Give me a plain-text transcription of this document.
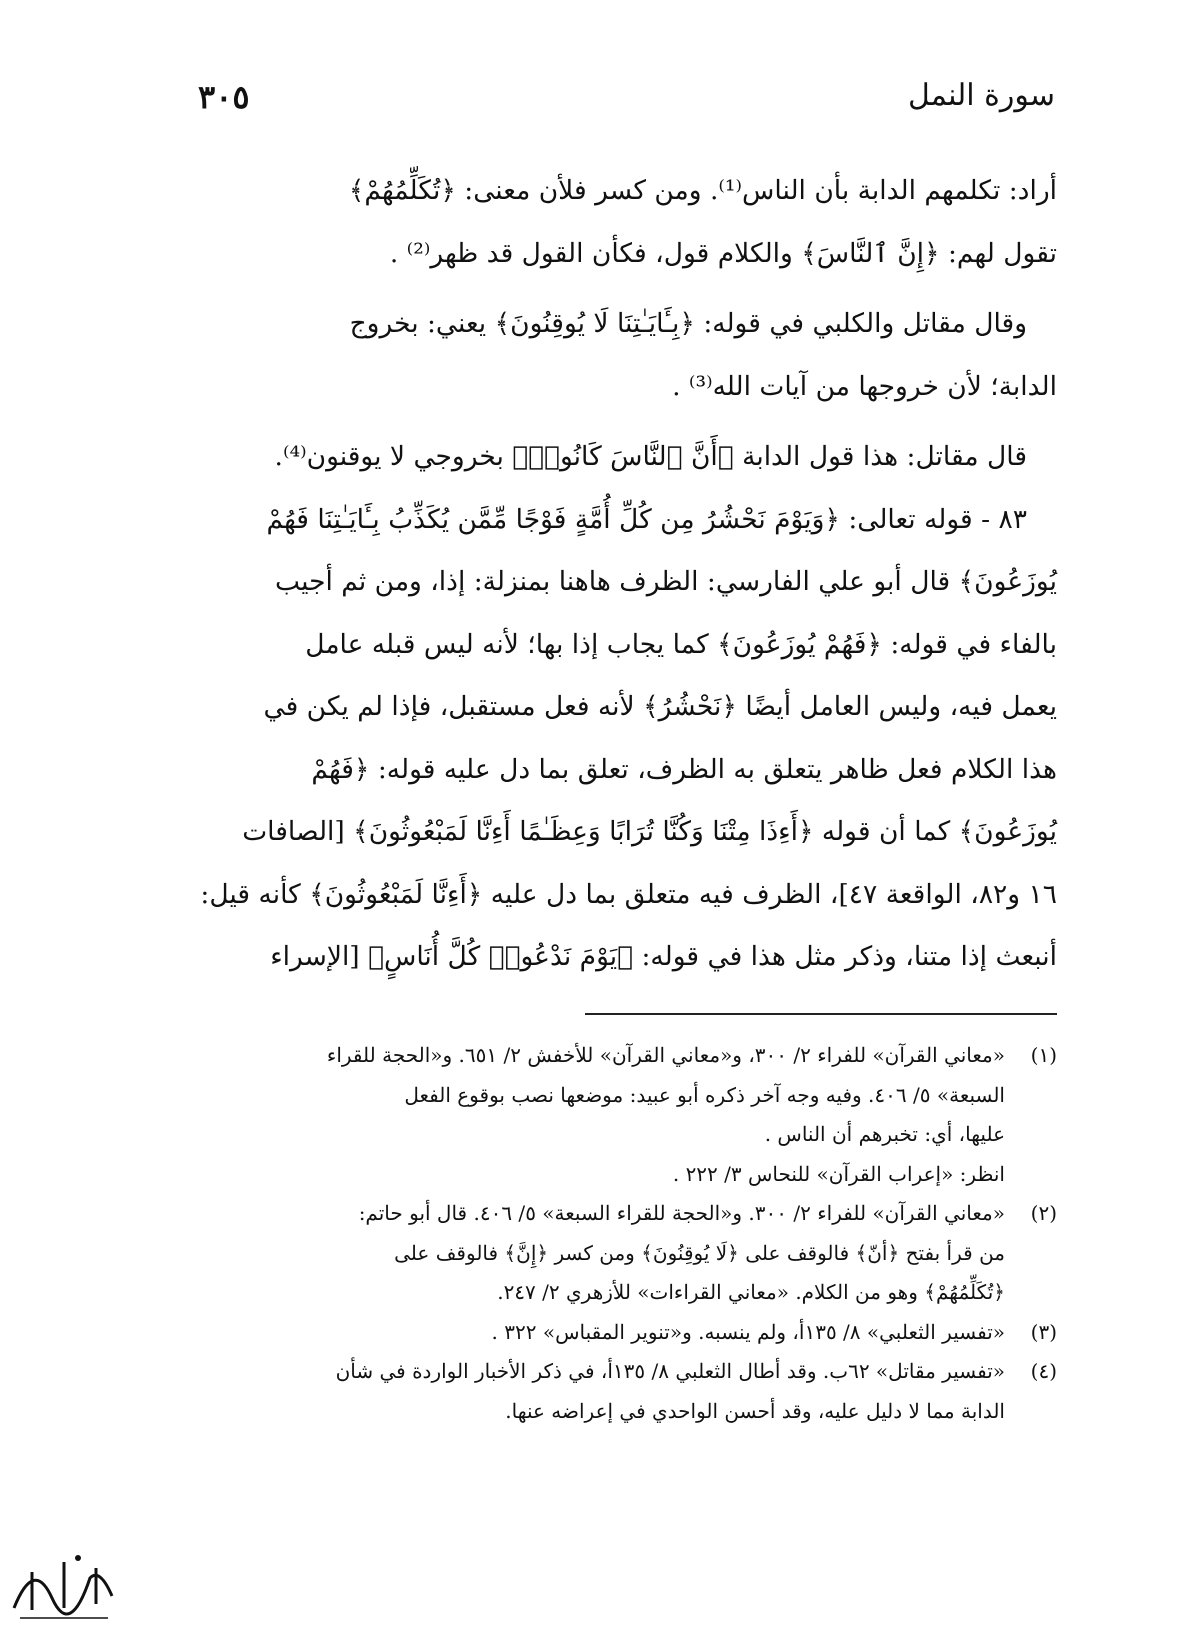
سورة النمل
٣٠٥

أراد: تكلمهم الدابة بأن الناس⁽¹⁾. ومن كسر فلأن معنى: ﴿تُكَلِّمُهُمْ﴾

تقول لهم: ﴿إِنَّ ٱلنَّاسَ﴾ والكلام قول، فكأن القول قد ظهر⁽²⁾ .

وقال مقاتل والكلبي في قوله: ﴿بِـَٔايَـٰتِنَا لَا يُوقِنُونَ﴾ يعني: بخروج

الدابة؛ لأن خروجها من آيات الله⁽³⁾ .

قال مقاتل: هذا قول الدابة ﴿أَنَّ ٱلنَّاسَ كَانُوا۟﴾ بخروجي لا يوقنون⁽⁴⁾.

٨٣ - قوله تعالى: ﴿وَيَوْمَ نَحْشُرُ مِن كُلِّ أُمَّةٍ فَوْجًا مِّمَّن يُكَذِّبُ بِـَٔايَـٰتِنَا فَهُمْ

يُوزَعُونَ﴾ قال أبو علي الفارسي: الظرف هاهنا بمنزلة: إذا، ومن ثم أجيب

بالفاء في قوله: ﴿فَهُمْ يُوزَعُونَ﴾ كما يجاب إذا بها؛ لأنه ليس قبله عامل

يعمل فيه، وليس العامل أيضًا ﴿نَحْشُرُ﴾ لأنه فعل مستقبل، فإذا لم يكن في

هذا الكلام فعل ظاهر يتعلق به الظرف، تعلق بما دل عليه قوله: ﴿فَهُمْ

يُوزَعُونَ﴾ كما أن قوله ﴿أَءِذَا مِتْنَا وَكُنَّا تُرَابًا وَعِظَـٰمًا أَءِنَّا لَمَبْعُوثُونَ﴾ [الصافات

١٦ و٨٢، الواقعة ٤٧]، الظرف فيه متعلق بما دل عليه ﴿أَءِنَّا لَمَبْعُوثُونَ﴾ كأنه قيل:

أنبعث إذا متنا، وذكر مثل هذا في قوله: ﴿يَوْمَ نَدْعُوا۟ كُلَّ أُنَاسٍ﴾ [الإسراء

(١)
«معاني القرآن» للفراء ٢/ ٣٠٠، و«معاني القرآن» للأخفش ٢/ ٦٥١. و«الحجة للقراء
السبعة» ٥/ ٤٠٦. وفيه وجه آخر ذكره أبو عبيد: موضعها نصب بوقوع الفعل
عليها، أي: تخبرهم أن الناس .
انظر: «إعراب القرآن» للنحاس ٣/ ٢٢٢ .
(٢)
«معاني القرآن» للفراء ٢/ ٣٠٠. و«الحجة للقراء السبعة» ٥/ ٤٠٦. قال أبو حاتم:
من قرأ بفتح ﴿أنّ﴾ فالوقف على ﴿لَا يُوقِنُونَ﴾ ومن كسر ﴿إِنَّ﴾ فالوقف على
﴿تُكَلِّمُهُمْ﴾ وهو من الكلام. «معاني القراءات» للأزهري ٢/ ٢٤٧.
(٣)
«تفسير الثعلبي» ٨/ ١٣٥أ، ولم ينسبه. و«تنوير المقباس» ٣٢٢ .
(٤)
«تفسير مقاتل» ٦٢ب. وقد أطال الثعلبي ٨/ ١٣٥أ، في ذكر الأخبار الواردة في شأن
الدابة مما لا دليل عليه، وقد أحسن الواحدي في إعراضه عنها.
